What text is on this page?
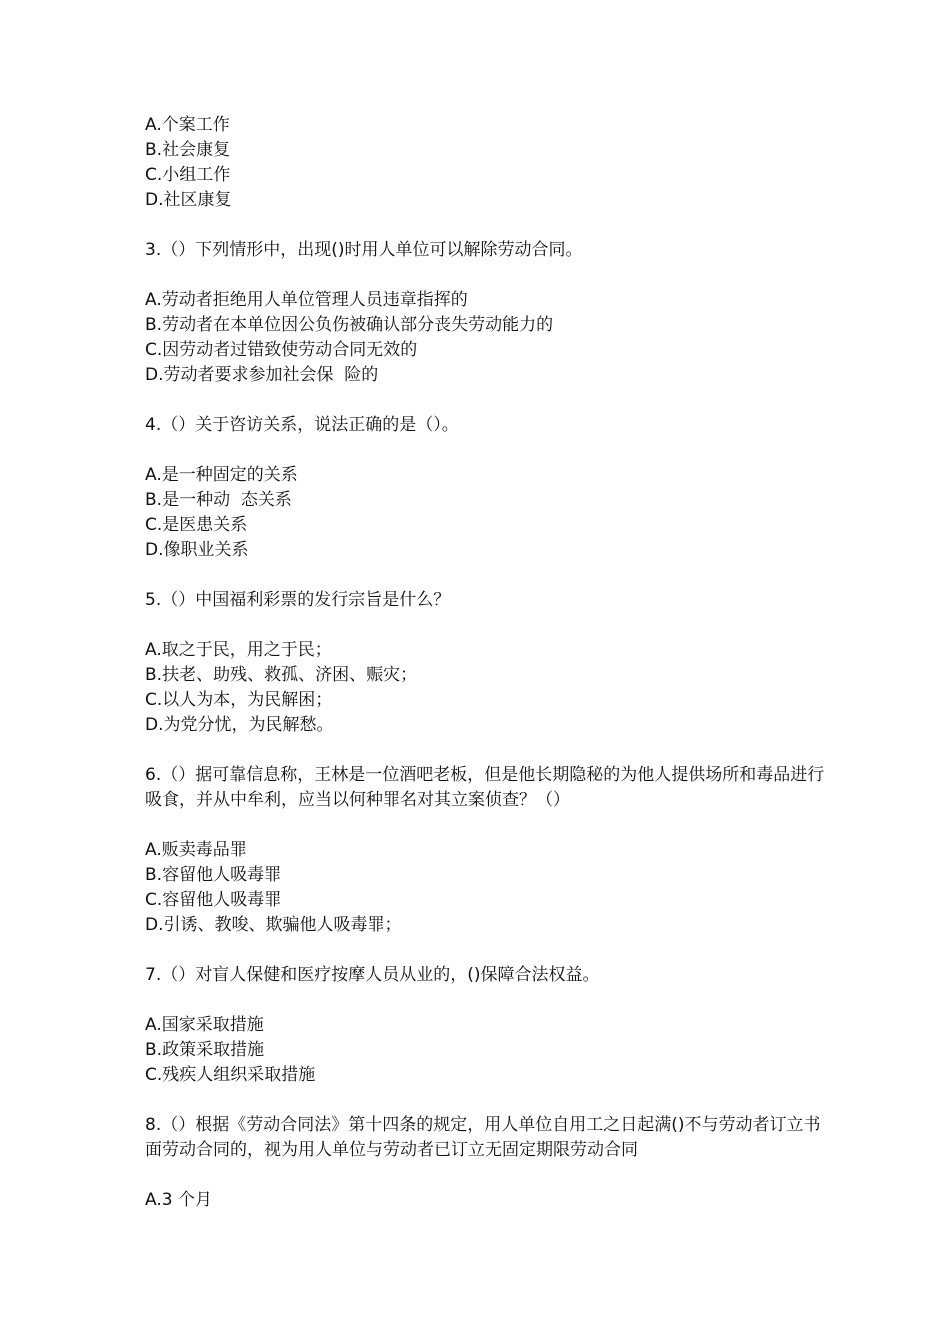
A.个案工作
B.社会康复
C.小组工作
D.社区康复
3.（）下列情形中，出现()时用人单位可以解除劳动合同。
A.劳动者拒绝用人单位管理人员违章指挥的
B.劳动者在本单位因公负伤被确认部分丧失劳动能力的
C.因劳动者过错致使劳动合同无效的
D.劳动者要求参加社会保  险的
4.（）关于咨访关系，说法正确的是（）。
A.是一种固定的关系
B.是一种动  态关系
C.是医患关系
D.像职业关系
5.（）中国福利彩票的发行宗旨是什么？
A.取之于民，用之于民；
B.扶老、助残、救孤、济困、赈灾；
C.以人为本，为民解困；
D.为党分忧，为民解愁。
6.（）据可靠信息称，王林是一位酒吧老板，但是他长期隐秘的为他人提供场所和毒品进行吸食，并从中牟利，应当以何种罪名对其立案侦查？（）
A.贩卖毒品罪
B.容留他人吸毒罪
C.容留他人吸毒罪
D.引诱、教唆、欺骗他人吸毒罪；
7.（）对盲人保健和医疗按摩人员从业的，()保障合法权益。
A.国家采取措施
B.政策采取措施
C.残疾人组织采取措施
8.（）根据《劳动合同法》第十四条的规定，用人单位自用工之日起满()不与劳动者订立书面劳动合同的，视为用人单位与劳动者已订立无固定期限劳动合同
A.3 个月
